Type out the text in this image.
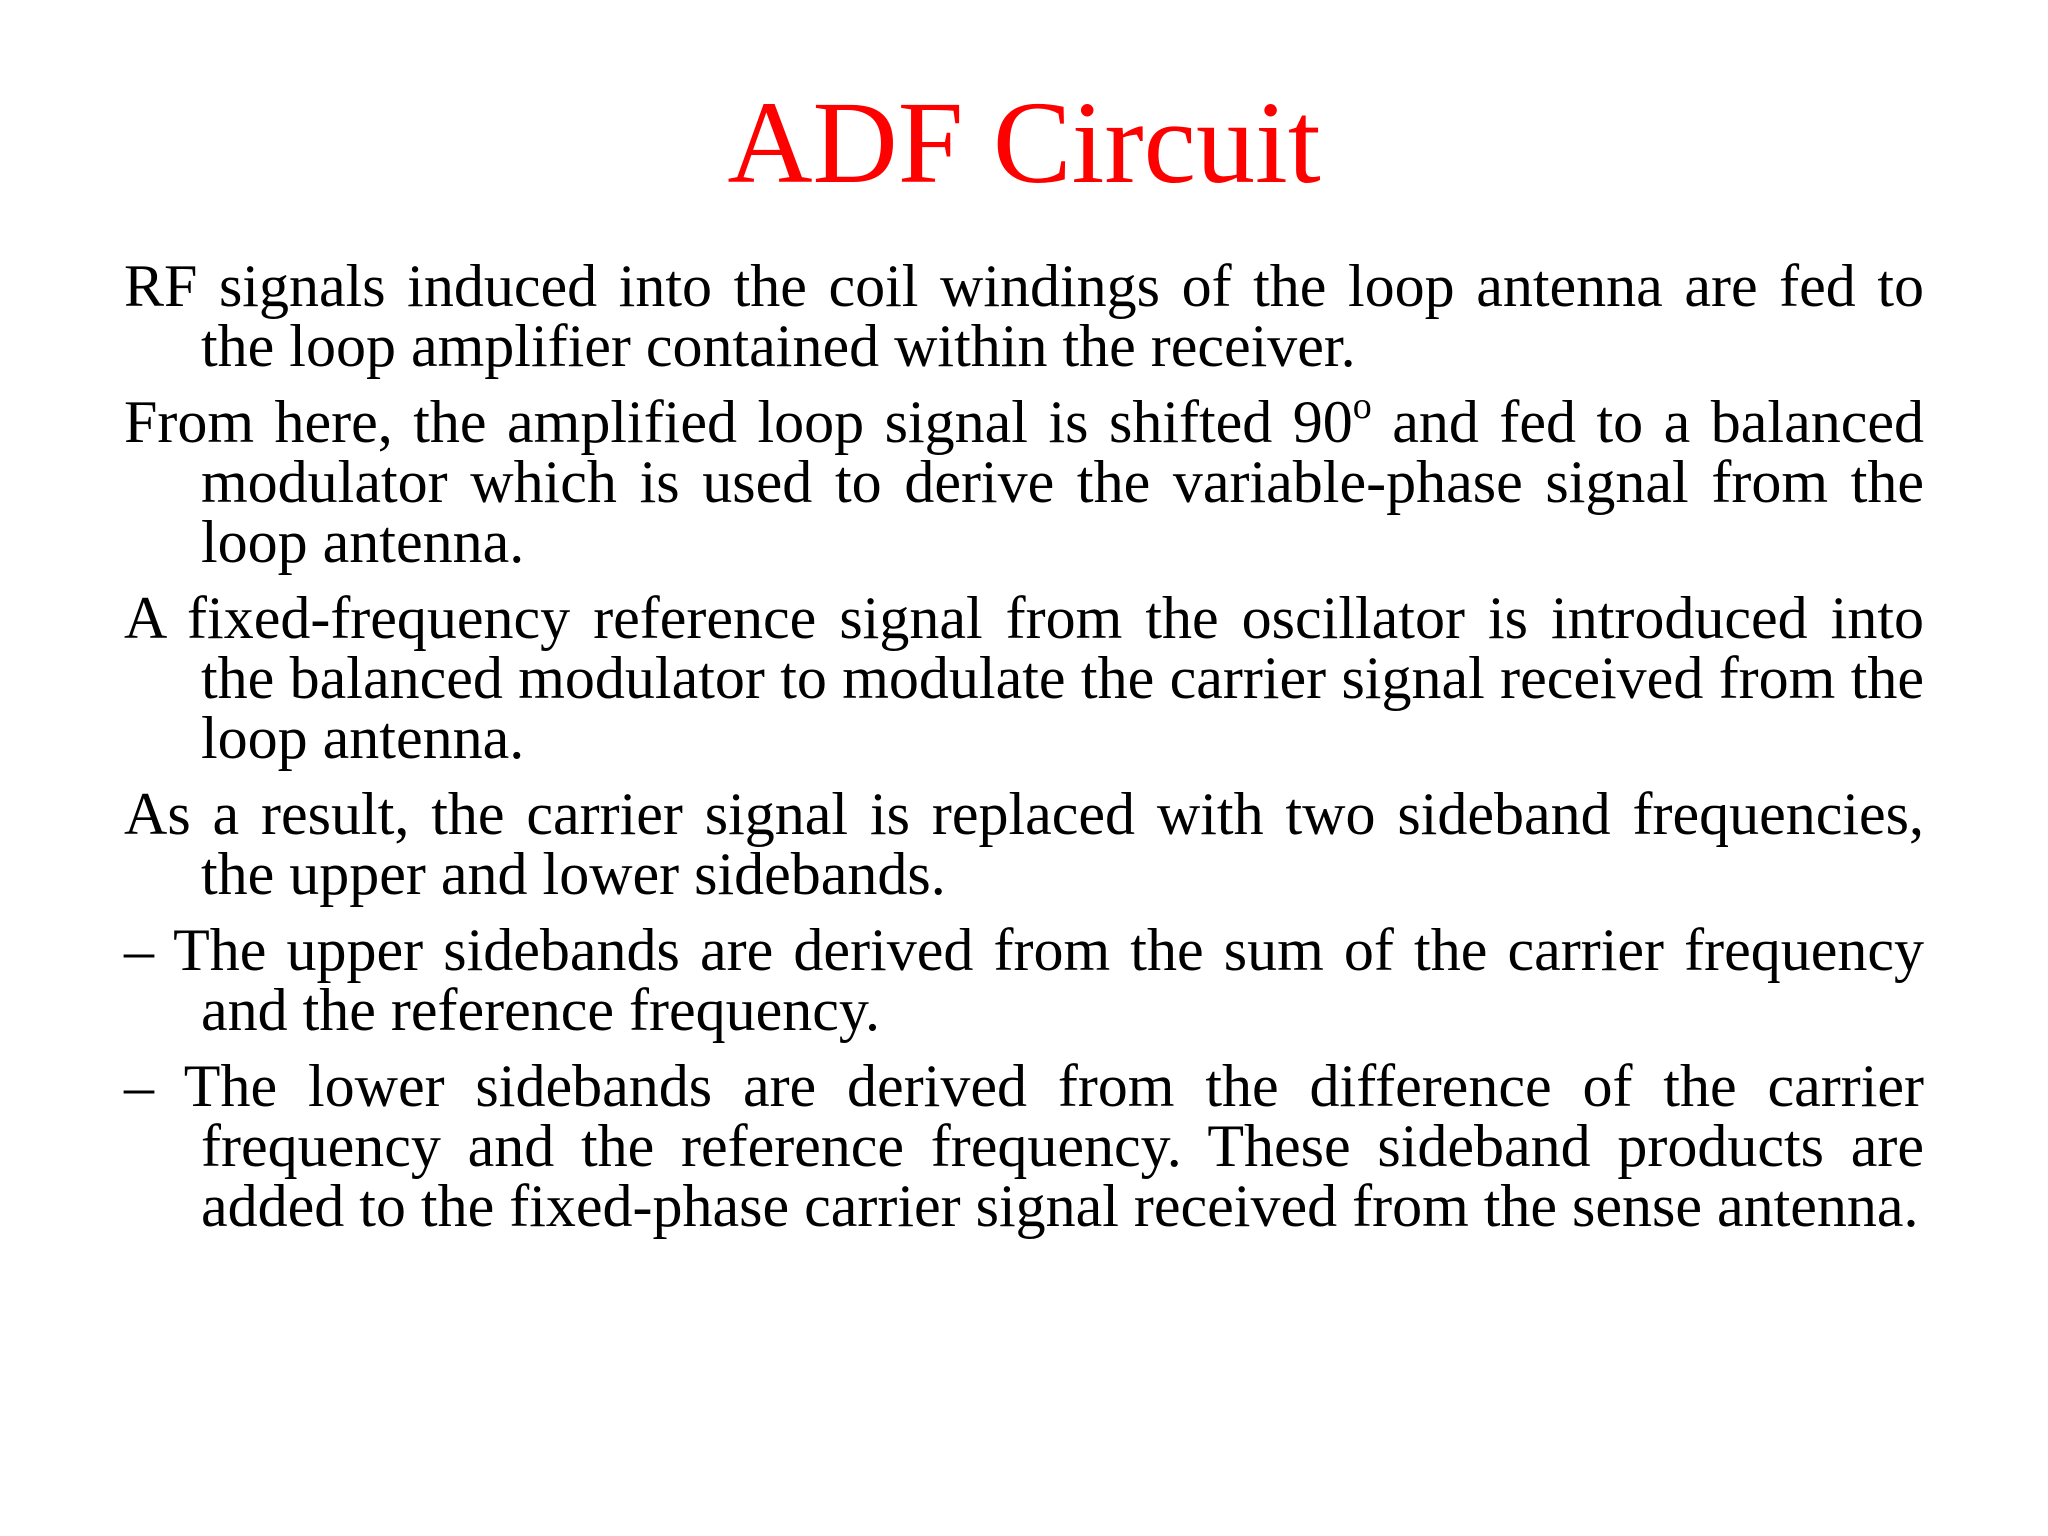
ADF Circuit

RF signals induced into the coil windings of the loop antenna are fed to the loop amplifier contained within the receiver.

From here, the amplified loop signal is shifted 90$^o$ and fed to a balanced modulator which is used to derive the variable-phase signal from the loop antenna.

A fixed-frequency reference signal from the oscillator is introduced into the balanced modulator to modulate the carrier signal received from the loop antenna.

As a result, the carrier signal is replaced with two sideband frequencies, the upper and lower sidebands.

– The upper sidebands are derived from the sum of the carrier frequency and the reference frequency.

– The lower sidebands are derived from the difference of the carrier frequency and the reference frequency. These sideband products are added to the fixed-phase carrier signal received from the sense antenna.
